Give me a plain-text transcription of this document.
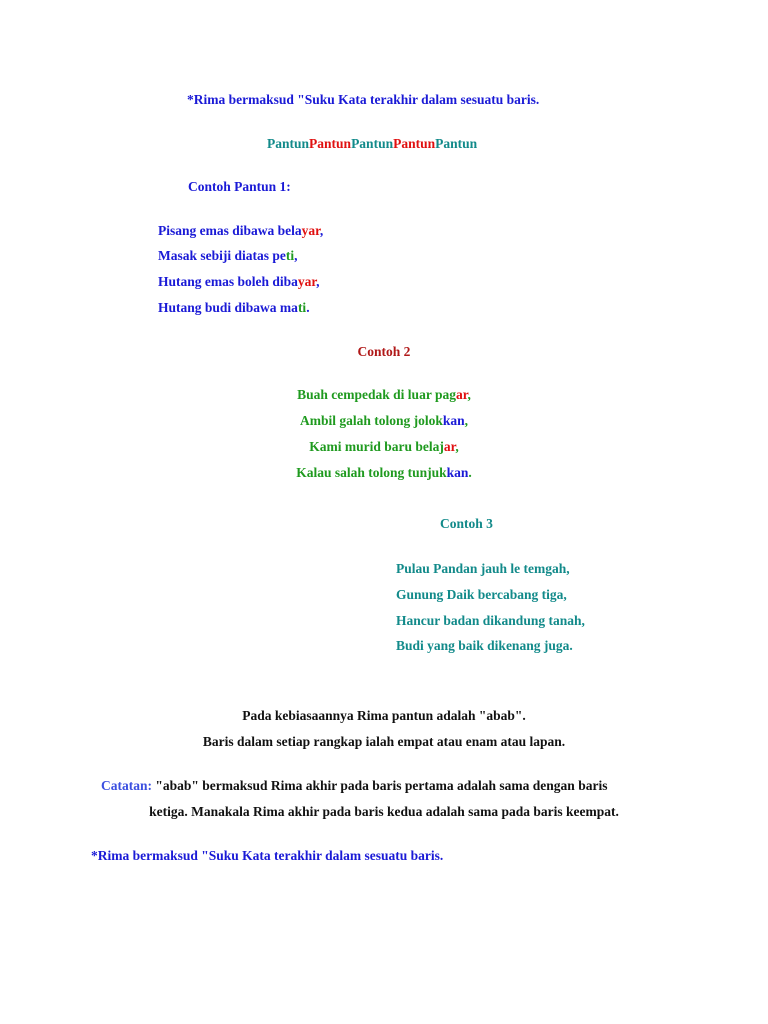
*Rima bermaksud "Suku Kata terakhir dalam sesuatu baris.
PantunPantunPantunPantunPantun
Contoh Pantun 1:
Pisang emas dibawa belayar,
Masak sebiji diatas peti,
Hutang emas boleh dibayar,
Hutang budi dibawa mati.
Contoh 2
Buah cempedak di luar pagar,
Ambil galah tolong jolokkan,
Kami murid baru belajar,
Kalau salah tolong tunjukkan.
Contoh 3
Pulau Pandan jauh le temgah,
Gunung Daik bercabang tiga,
Hancur badan dikandung tanah,
Budi yang baik dikenang juga.
Pada kebiasaannya Rima pantun adalah "abab".
Baris dalam setiap rangkap ialah empat atau enam atau lapan.
Catatan: "abab" bermaksud Rima akhir pada baris pertama adalah sama dengan baris
ketiga. Manakala Rima akhir pada baris kedua adalah sama pada baris keempat.
*Rima bermaksud "Suku Kata terakhir dalam sesuatu baris.
